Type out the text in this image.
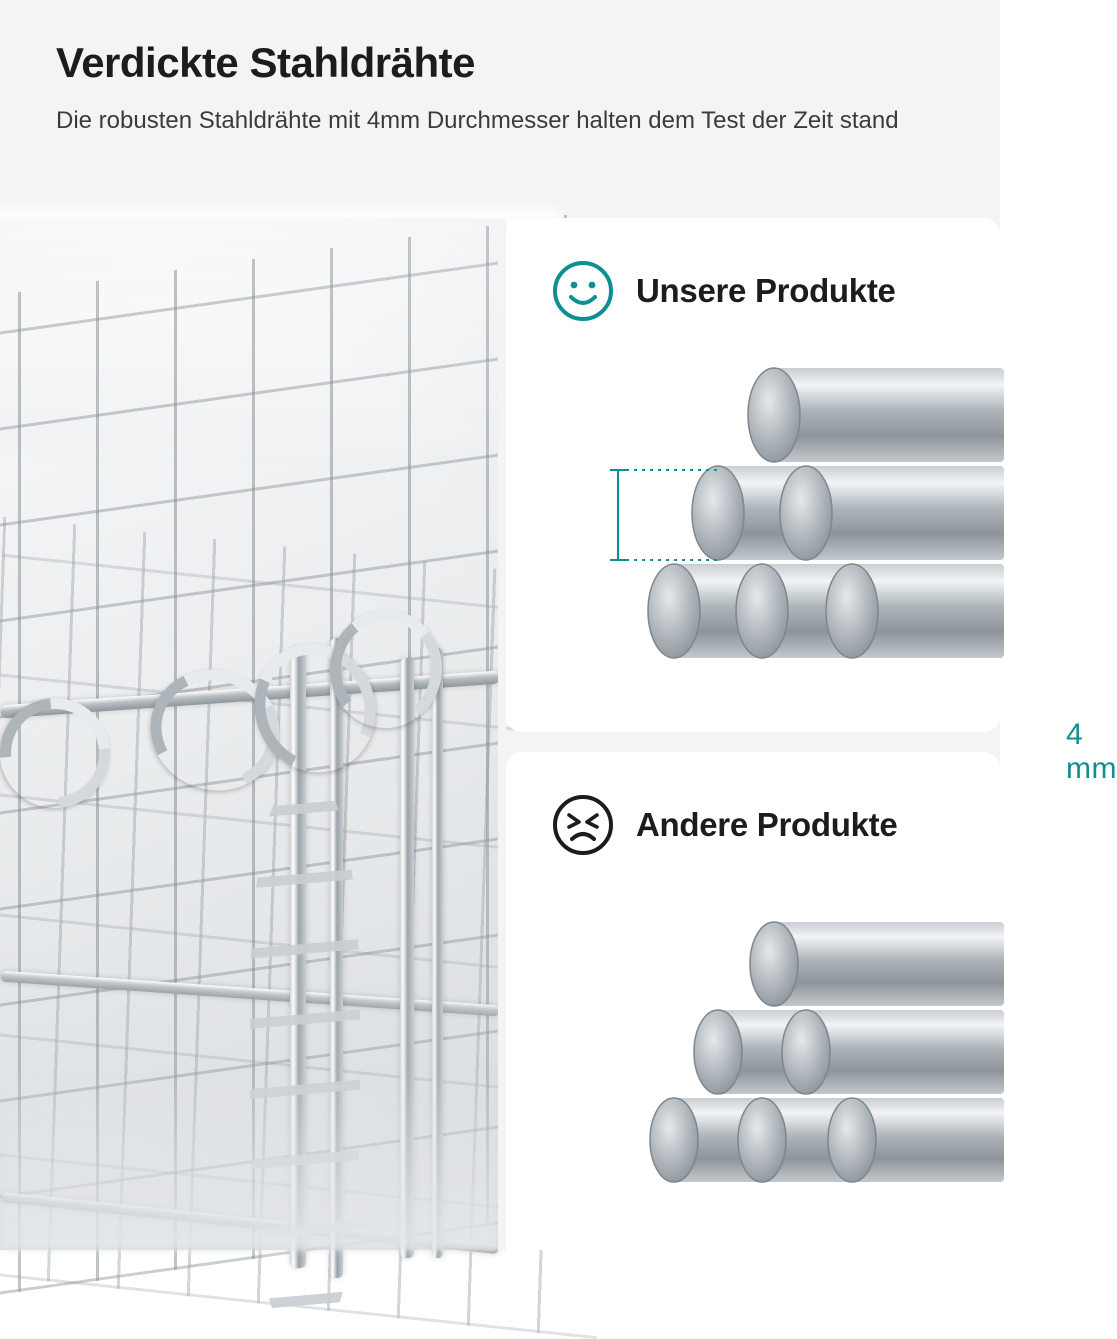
Verdickte Stahldrähte
Die robusten Stahldrähte mit 4mm Durchmesser halten dem Test der Zeit stand
Unsere Produkte
4 mm
Andere Produkte
